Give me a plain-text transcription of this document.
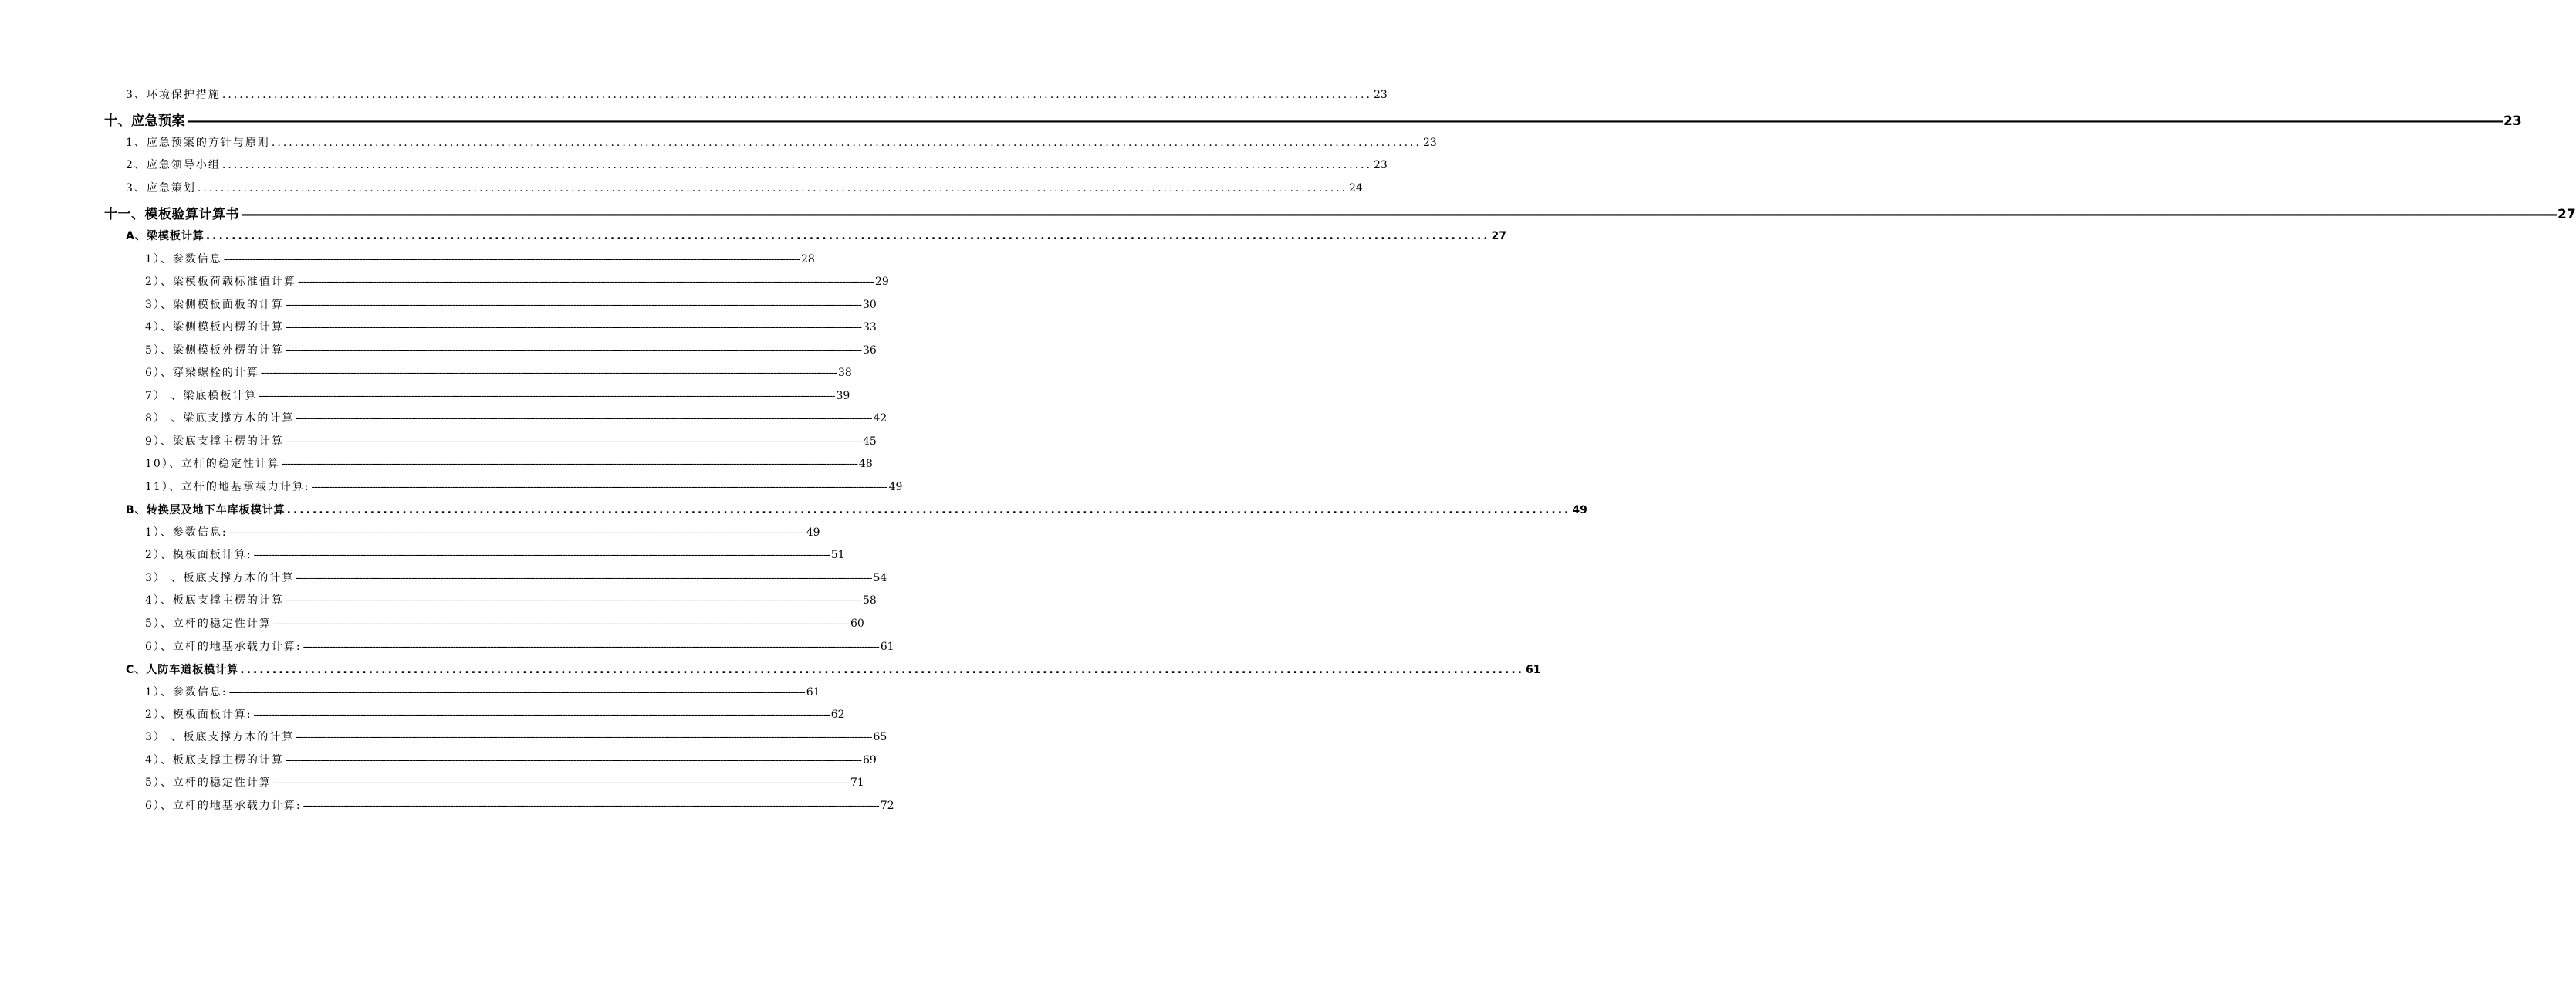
3、环境保护措施 ........................................................................................................................................................................................................ 23
十、应急预案 ———————————————————————————————————————————————————————————————————————————————————————————————————————————————————————————————————————————————————————————————————————————————————————————————————————— 23
1、应急预案的方针与原则 ........................................................................................................................................................................................................ 23
2、应急领导小组 ........................................................................................................................................................................................................ 23
3、应急策划 ........................................................................................................................................................................................................ 24
十一、模板验算计算书 ———————————————————————————————————————————————————————————————————————————————————————————————————————————————————————————————————————————————————————————————————————————————————————————————————————— 27
A、梁模板计算 ........................................................................................................................................................................................................ 27
1）、参数信息 -------------------------------------------------------------------------------------------------------------------------------------------------------------------------------------------------------- 28
2）、梁模板荷载标准值计算 -------------------------------------------------------------------------------------------------------------------------------------------------------------------------------------------------------- 29
3）、梁侧模板面板的计算 -------------------------------------------------------------------------------------------------------------------------------------------------------------------------------------------------------- 30
4）、梁侧模板内楞的计算 -------------------------------------------------------------------------------------------------------------------------------------------------------------------------------------------------------- 33
5）、梁侧模板外楞的计算 -------------------------------------------------------------------------------------------------------------------------------------------------------------------------------------------------------- 36
6）、穿梁螺栓的计算 -------------------------------------------------------------------------------------------------------------------------------------------------------------------------------------------------------- 38
7） 、梁底模板计算 -------------------------------------------------------------------------------------------------------------------------------------------------------------------------------------------------------- 39
8） 、梁底支撑方木的计算 -------------------------------------------------------------------------------------------------------------------------------------------------------------------------------------------------------- 42
9）、梁底支撑主楞的计算 -------------------------------------------------------------------------------------------------------------------------------------------------------------------------------------------------------- 45
10）、立杆的稳定性计算 -------------------------------------------------------------------------------------------------------------------------------------------------------------------------------------------------------- 48
11）、立杆的地基承载力计算: -------------------------------------------------------------------------------------------------------------------------------------------------------------------------------------------------------- 49
B、转换层及地下车库板模计算 ........................................................................................................................................................................................................ 49
1）、参数信息: -------------------------------------------------------------------------------------------------------------------------------------------------------------------------------------------------------- 49
2）、模板面板计算: -------------------------------------------------------------------------------------------------------------------------------------------------------------------------------------------------------- 51
3） 、板底支撑方木的计算 -------------------------------------------------------------------------------------------------------------------------------------------------------------------------------------------------------- 54
4）、板底支撑主楞的计算 -------------------------------------------------------------------------------------------------------------------------------------------------------------------------------------------------------- 58
5）、立杆的稳定性计算 -------------------------------------------------------------------------------------------------------------------------------------------------------------------------------------------------------- 60
6）、立杆的地基承载力计算: -------------------------------------------------------------------------------------------------------------------------------------------------------------------------------------------------------- 61
C、人防车道板模计算 ........................................................................................................................................................................................................ 61
1）、参数信息: -------------------------------------------------------------------------------------------------------------------------------------------------------------------------------------------------------- 61
2）、模板面板计算: -------------------------------------------------------------------------------------------------------------------------------------------------------------------------------------------------------- 62
3） 、板底支撑方木的计算 -------------------------------------------------------------------------------------------------------------------------------------------------------------------------------------------------------- 65
4）、板底支撑主楞的计算 -------------------------------------------------------------------------------------------------------------------------------------------------------------------------------------------------------- 69
5）、立杆的稳定性计算 -------------------------------------------------------------------------------------------------------------------------------------------------------------------------------------------------------- 71
6）、立杆的地基承载力计算: -------------------------------------------------------------------------------------------------------------------------------------------------------------------------------------------------------- 72
